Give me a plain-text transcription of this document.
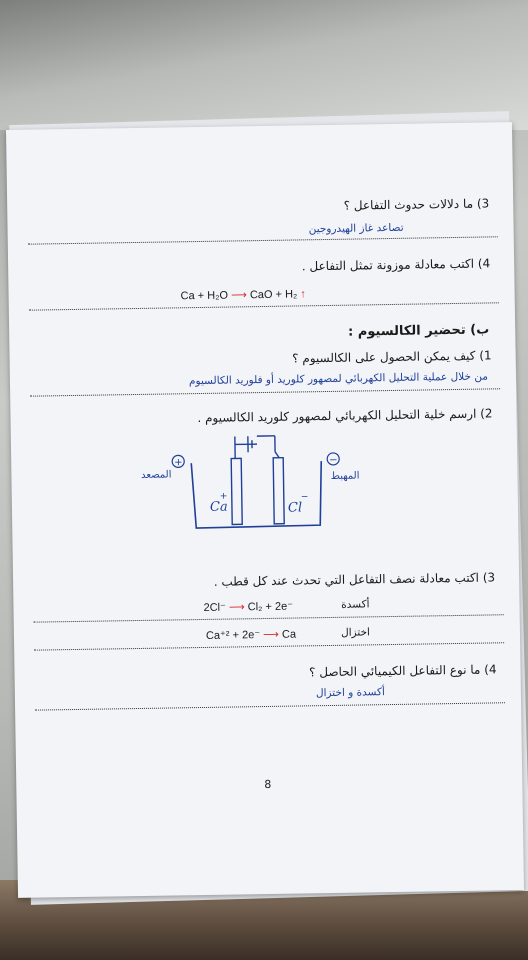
3) ما دلالات حدوث التفاعل ؟
تصاعد غاز الهيدروجين
4) اكتب معادلة موزونة تمثل التفاعل .
Ca + H₂O ⟶ CaO + H₂ ↑
ب) تحضير الكالسيوم :
1) كيف يمكن الحصول على الكالسيوم ؟
من خلال عملية التحليل الكهربائي لمصهور كلوريد أو فلوريد الكالسيوم
2) ارسم خلية التحليل الكهربائي لمصهور كلوريد الكالسيوم .
Ca
+
Cl
−
+
المصعد
−
المهبط
3) اكتب معادلة نصف التفاعل التي تحدث عند كل قطب .
2Cl⁻ ⟶ Cl₂ + 2e⁻	أكسدة
Ca⁺² + 2e⁻ ⟶ Ca	اختزال
4) ما نوع التفاعل الكيميائي الحاصل ؟
أكسدة و اختزال
8
